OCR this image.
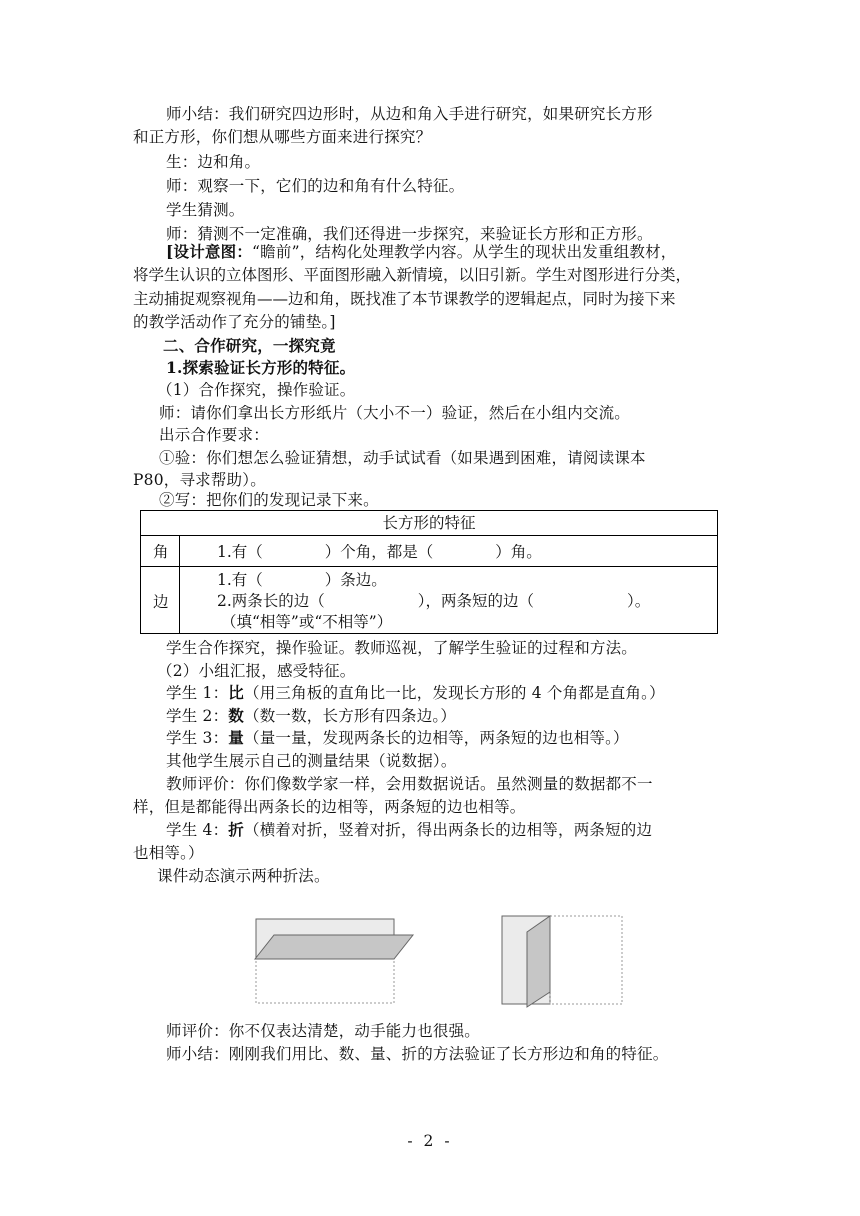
师小结：我们研究四边形时，从边和角入手进行研究，如果研究长方形
和正方形，你们想从哪些方面来进行探究？
生：边和角。
师：观察一下，它们的边和角有什么特征。
学生猜测。
师：猜测不一定准确，我们还得进一步探究，来验证长方形和正方形。
[设计意图：“瞻前”，结构化处理教学内容。从学生的现状出发重组教材，
将学生认识的立体图形、平面图形融入新情境，以旧引新。学生对图形进行分类，
主动捕捉观察视角——边和角，既找准了本节课教学的逻辑起点，同时为接下来
的教学活动作了充分的铺垫。]
二、合作研究，一探究竟
1.探索验证长方形的特征。
（1）合作探究，操作验证。
师：请你们拿出长方形纸片（大小不一）验证，然后在小组内交流。
出示合作要求：
①验：你们想怎么验证猜想，动手试试看（如果遇到困难，请阅读课本
P80，寻求帮助）。
②写：把你们的发现记录下来。
长方形的特征
角	1.有（　　　　）个角，都是（　　　　）角。
边
1.有（　　　　）条边。
2.两条长的边（　　　　　　），两条短的边（　　　　　　）。
（填“相等”或“不相等”）
学生合作探究，操作验证。教师巡视，了解学生验证的过程和方法。
（2）小组汇报，感受特征。
学生 1：比（用三角板的直角比一比，发现长方形的 4 个角都是直角。）
学生 2：数（数一数，长方形有四条边。）
学生 3：量（量一量，发现两条长的边相等，两条短的边也相等。）
其他学生展示自己的测量结果（说数据）。
教师评价：你们像数学家一样，会用数据说话。虽然测量的数据都不一
样，但是都能得出两条长的边相等，两条短的边也相等。
学生 4：折（横着对折，竖着对折，得出两条长的边相等，两条短的边
也相等。）
课件动态演示两种折法。
师评价：你不仅表达清楚，动手能力也很强。
师小结：刚刚我们用比、数、量、折的方法验证了长方形边和角的特征。
- 2 -
